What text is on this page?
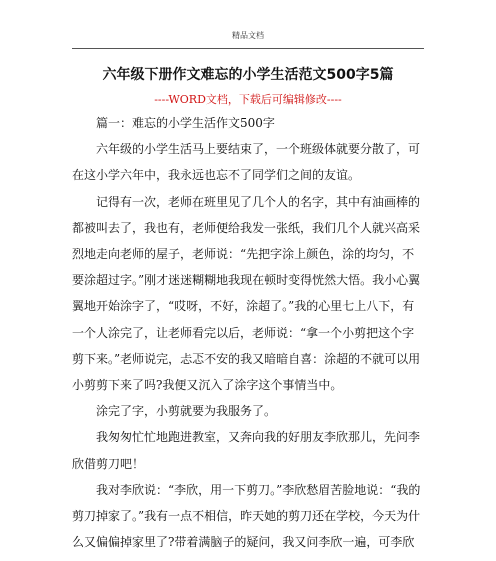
精品文档
六年级下册作文难忘的小学生活范文500字5篇

----WORD文档，下载后可编辑修改----

篇一：难忘的小学生活作文500字

六年级的小学生活马上要结束了，一个班级体就要分散了，可在这小学六年中，我永远也忘不了同学们之间的友谊。

记得有一次，老师在班里见了几个人的名字，其中有油画棒的都被叫去了，我也有，老师便给我发一张纸，我们几个人就兴高采烈地走向老师的屋子，老师说：“先把字涂上颜色，涂的均匀，不要涂超过字。”刚才迷迷糊糊地我现在顿时变得恍然大悟。我小心翼翼地开始涂字了，“哎呀，不好，涂超了。”我的心里七上八下，有一个人涂完了，让老师看完以后，老师说：“拿一个小剪把这个字剪下来。”老师说完，忐忑不安的我又暗暗自喜：涂超的不就可以用小剪剪下来了吗?我便又沉入了涂字这个事情当中。

涂完了字，小剪就要为我服务了。

我匆匆忙忙地跑进教室，又奔向我的好朋友李欣那儿，先问李欣借剪刀吧！

我对李欣说：“李欣，用一下剪刀。”李欣愁眉苦脸地说：“我的剪刀掉家了。”我有一点不相信，昨天她的剪刀还在学校，今天为什么又偏偏掉家里了?带着满脑子的疑问，我又问李欣一遍，可李欣
